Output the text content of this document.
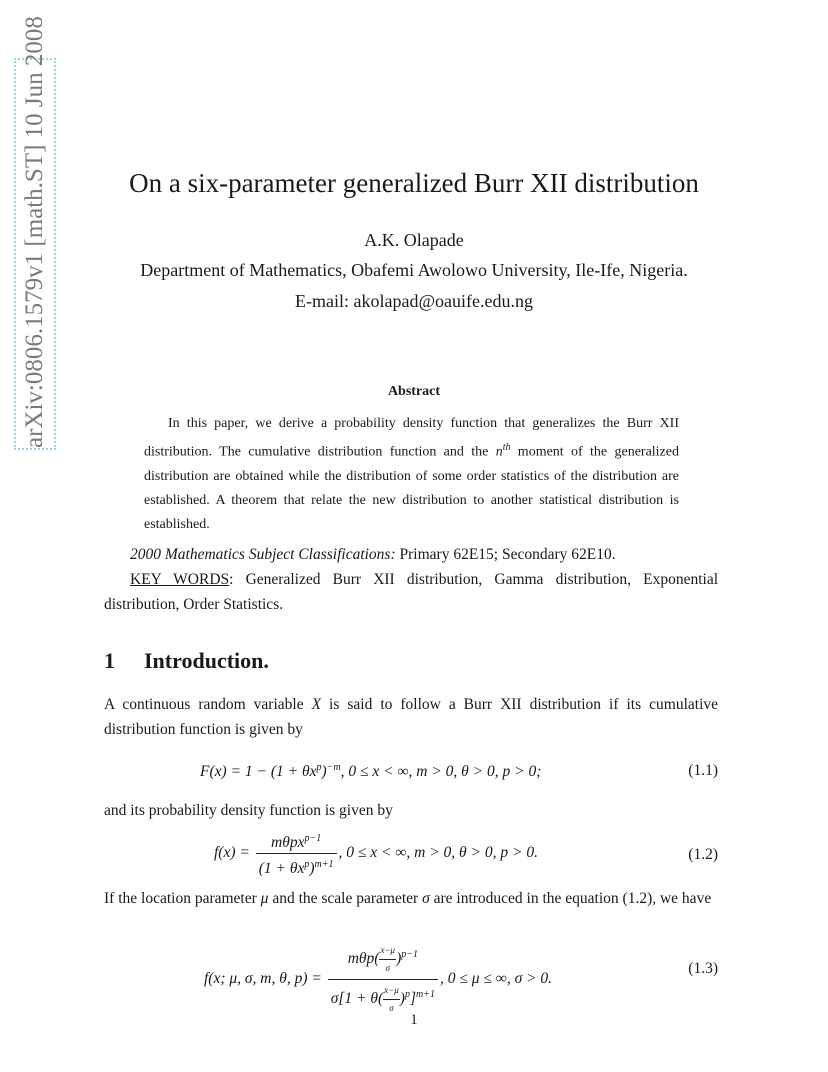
arXiv:0806.1579v1 [math.ST] 10 Jun 2008	On a six-parameter generalized Burr XII distribution
A.K. Olapade
Department of Mathematics, Obafemi Awolowo University, Ile-Ife, Nigeria.
E-mail: akolapad@oauife.edu.ng
Abstract

In this paper, we derive a probability density function that generalizes the Burr XII distribution. The cumulative distribution function and the $n^{th}$ moment of the generalized distribution are obtained while the distribution of some order statistics of the distribution are established. A theorem that relate the new distribution to another statistical distribution is established.

2000 Mathematics Subject Classifications: Primary 62E15; Secondary 62E10.

KEY WORDS: Generalized Burr XII distribution, Gamma distribution, Exponential distribution, Order Statistics.

1 Introduction.

A continuous random variable X is said to follow a Burr XII distribution if its cumulative distribution function is given by

$F(x) = 1 - (1 + \theta x^p)^{-m}$, 0 ≤ x < ∞, m > 0, θ > 0, p > 0;	(1.1)

and its probability density function is given by

$f(x) = \frac{m\theta px^{p-1}}{(1 + \theta x^p)^{m+1}}$ , 0 ≤ x < ∞, m > 0, θ > 0, p > 0.	(1.2)

If the location parameter μ and the scale parameter σ are introduced in the equation (1.2), we have

f(x; μ, σ, m, θ, $p) = \frac{m\theta p( \frac{x-\mu}{\sigma} )^{p-1}}{\sigma[1 + \theta( \frac{x-\mu}{\sigma} )^p]^{m+1}}$ , 0 ≤ μ ≤ ∞, σ > 0.
(1.3)
1
